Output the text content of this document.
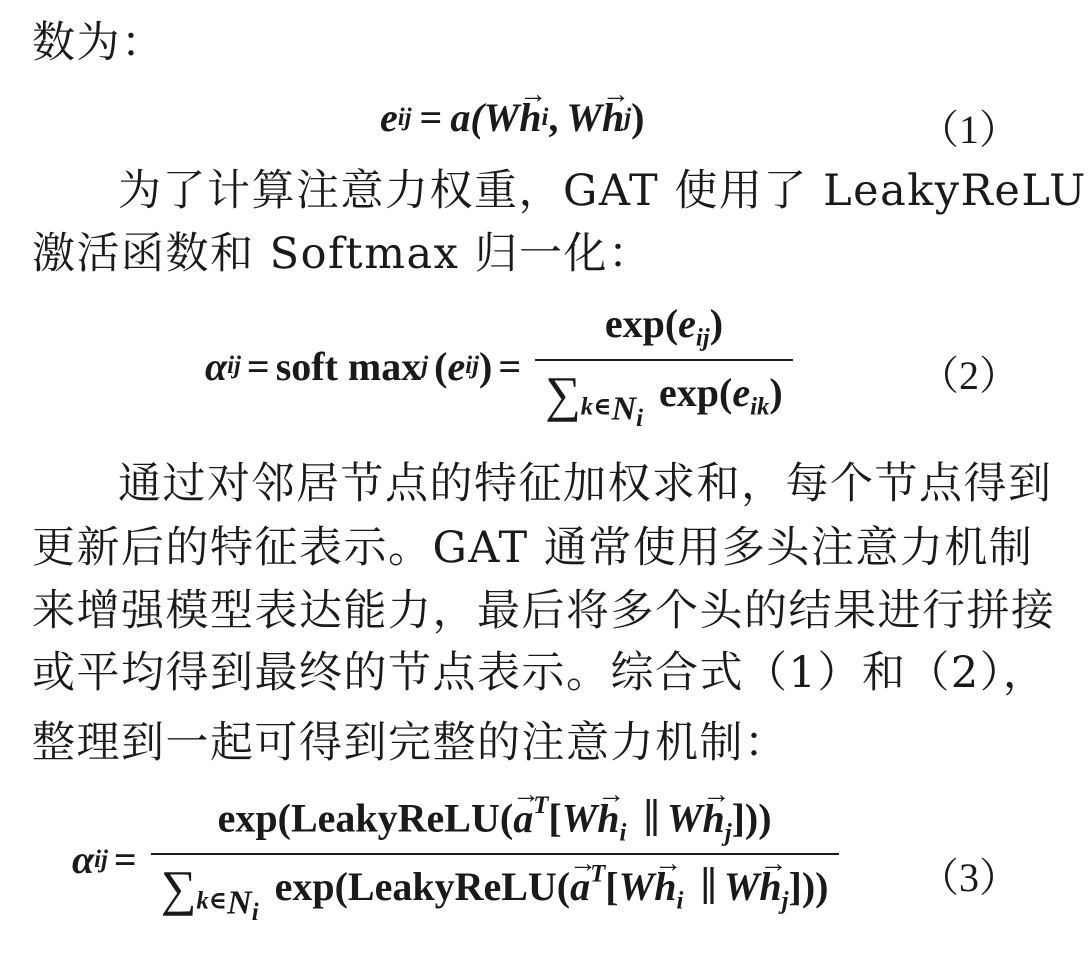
数为：
为了计算注意力权重，GAT 使用了 LeakyReLU
激活函数和 Softmax 归一化：
通过对邻居节点的特征加权求和，每个节点得到
更新后的特征表示。GAT 通常使用多头注意力机制
来增强模型表达能力，最后将多个头的结果进行拼接
或平均得到最终的节点表示。综合式（1）和（2），
整理到一起可得到完整的注意力机制：
e ij = a( W → h i , W → h j )	（1）
α ij = soft max j ( e ij ) = $\frac{\exp(e_{ij})}{\sum_{k\in Ni} \exp(e_{ik})}$	（2）
α ij = $\frac{\exp(LeakyReLU(\to a^T[W\to h_i \parallel W\to h_j]))}{\sum_{k\in Ni} \exp(LeakyReLU(\to a^T[W\to h_i \parallel W\to h_j]))} (3)$
